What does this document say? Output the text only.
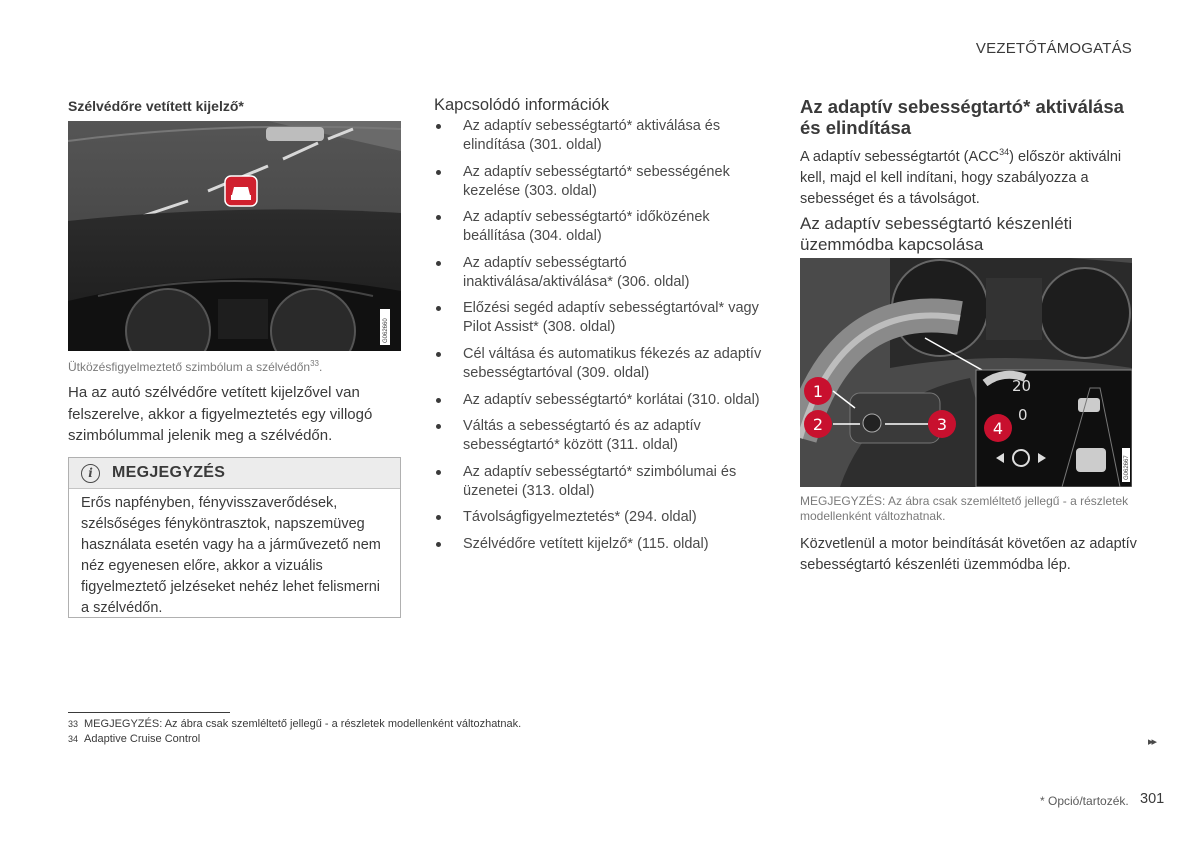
VEZETŐTÁMOGATÁS
Szélvédőre vetített kijelző*
G062660
Ütközésfigyelmeztető szimbólum a szélvédőn$^{33}$.
Ha az autó szélvédőre vetített kijelzővel van felszerelve, akkor a figyelmeztetés egy villogó szimbólummal jelenik meg a szélvédőn.
i	MEGJEGYZÉS
Erős napfényben, fényvisszaverődések, szélsőséges fényköntrasztok, napszemüveg használata esetén vagy ha a járművezető nem néz egyenesen előre, akkor a vizuális figyelmeztető jelzéseket nehéz lehet felismerni a szélvédőn.
Kapcsolódó információk
Az adaptív sebességtartó* aktiválása és elindítása (301. oldal)
Az adaptív sebességtartó* sebességének kezelése (303. oldal)
Az adaptív sebességtartó* időközének beállítása (304. oldal)
Az adaptív sebességtartó inaktiválása/aktiválása* (306. oldal)
Előzési segéd adaptív sebességtartóval* vagy Pilot Assist* (308. oldal)
Cél váltása és automatikus fékezés az adaptív sebességtartóval (309. oldal)
Az adaptív sebességtartó* korlátai (310. oldal)
Váltás a sebességtartó és az adaptív sebességtartó* között (311. oldal)
Az adaptív sebességtartó* szimbólumai és üzenetei (313. oldal)
Távolságfigyelmeztetés* (294. oldal)
Szélvédőre vetített kijelző* (115. oldal)
Az adaptív sebességtartó* aktiválása és elindítása
A adaptív sebességtartót (ACC$^{34}$) először aktiválni kell, majd el kell indítani, hogy szabályozza a sebességet és a távolságot.
Az adaptív sebességtartó készenléti üzemmódba kapcsolása
76
20
0
G062667
1
2	3	4
MEGJEGYZÉS: Az ábra csak szemléltető jellegű - a részletek modellenként változhatnak.
Közvetlenül a motor beindítását követően az adaptív sebességtartó készenléti üzemmódba lép.
33 MEGJEGYZÉS: Az ábra csak szemléltető jellegű - a részletek modellenként változhatnak.
34 Adaptive Cruise Control	▸▸
* Opció/tartozék. 301
